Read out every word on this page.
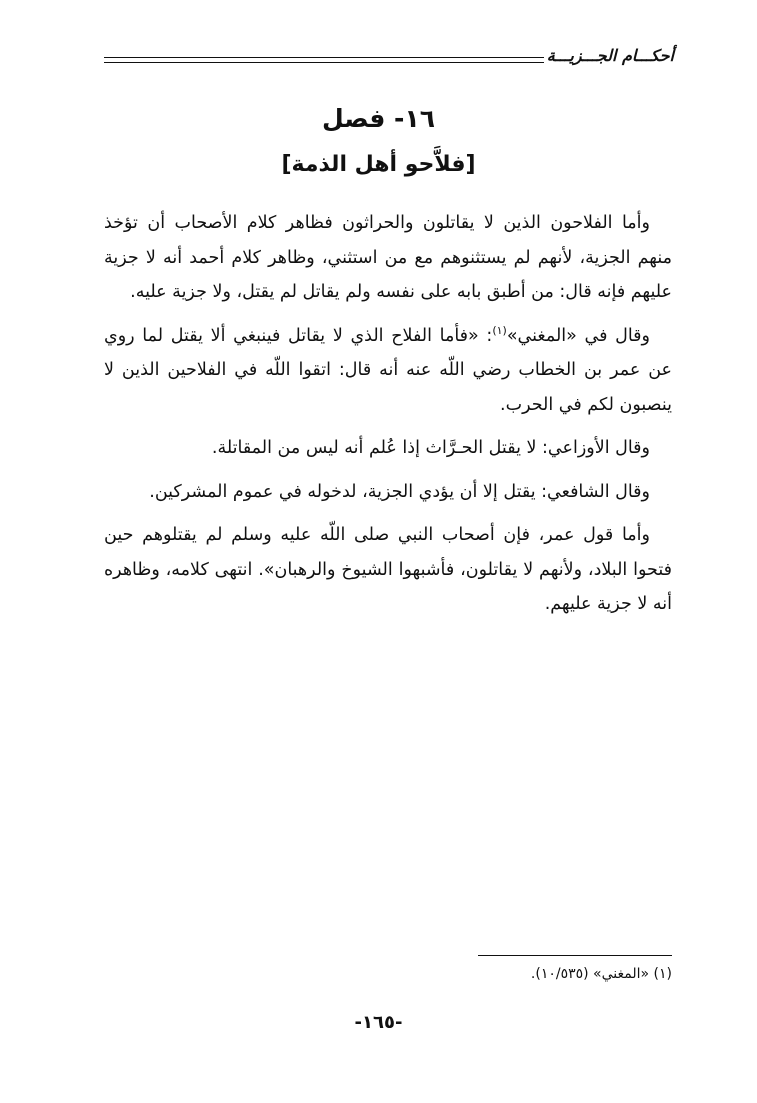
أحكـــام الجـــزيـــة
١٦- فصل
[فلاَّحو أهل الذمة]

وأما الفلاحون الذين لا يقاتلون والحراثون فظاهر كلام الأصحاب أن تؤخذ منهم الجزية، لأنهم لم يستثنوهم مع من استثني، وظاهر كلام أحمد أنه لا جزية عليهم فإنه قال: من أطبق بابه على نفسه ولم يقاتل لم يقتل، ولا جزية عليه.

وقال في «المغني»$^{(١)}$: «فأما الفلاح الذي لا يقاتل فينبغي ألا يقتل لما روي عن عمر بن الخطاب رضي اللّه عنه أنه قال: اتقوا اللّه في الفلاحين الذين لا ينصبون لكم في الحرب.

وقال الأوزاعي: لا يقتل الحـرَّاث إذا عُلم أنه ليس من المقاتلة.

وقال الشافعي: يقتل إلا أن يؤدي الجزية، لدخوله في عموم المشركين.

وأما قول عمر، فإن أصحاب النبي صلى اللّه عليه وسلم لم يقتلوهم حين فتحوا البلاد، ولأنهم لا يقاتلون، فأشبهوا الشيوخ والرهبان». انتهى كلامه، وظاهره أنه لا جزية عليهم.

(١) «المغني» (١٠/٥٣٥).
-١٦٥-
